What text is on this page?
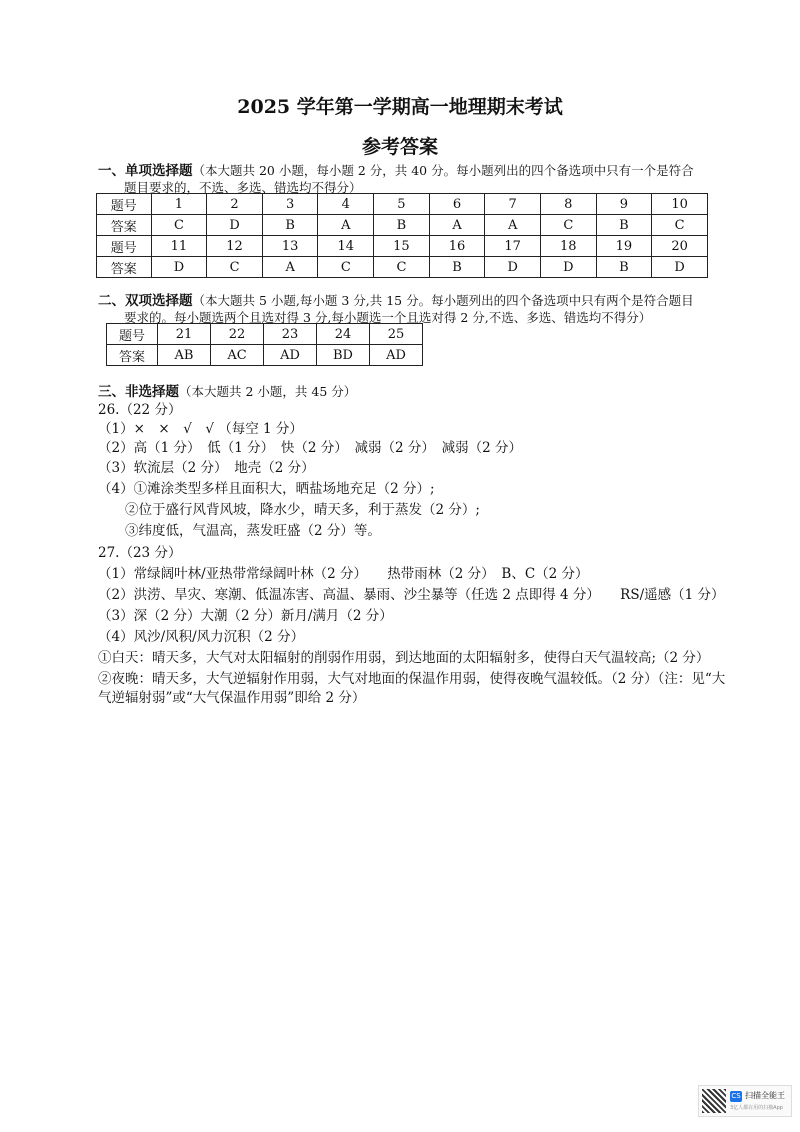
2025 学年第一学期高一地理期末考试
参考答案
一、单项选择题（本大题共 20 小题，每小题 2 分，共 40 分。每小题列出的四个备选项中只有一个是符合
题目要求的，不选、多选、错选均不得分）
题号	1	2	3	4	5	6	7	8	9	10
答案	C	D	B	A	B	A	A	C	B	C
题号	11	12	13	14	15	16	17	18	19	20
答案	D	C	A	C	C	B	D	D	B	D
二、双项选择题（本大题共 5 小题,每小题 3 分,共 15 分。每小题列出的四个备选项中只有两个是符合题目
要求的。每小题选两个且选对得 3 分,每小题选一个且选对得 2 分,不选、多选、错选均不得分）
题号	21	22	23	24	25
答案	AB	AC	AD	BD	AD
三、非选择题（本大题共 2 小题，共 45 分）
26.（22 分）
（1）×　×　√　√ （每空 1 分）
（2）高（1 分）　低（1 分）　快（2 分）　减弱（2 分）　减弱（2 分）
（3）软流层（2 分）　地壳（2 分）
（4）①滩涂类型多样且面积大，晒盐场地充足（2 分）;
　　②位于盛行风背风坡，降水少，晴天多，利于蒸发（2 分）;
　　③纬度低，气温高，蒸发旺盛（2 分）等。
27.（23 分）
（1）常绿阔叶林/亚热带常绿阔叶林（2 分）　　热带雨林（2 分）　B、C（2 分）
（2）洪涝、旱灾、寒潮、低温冻害、高温、暴雨、沙尘暴等（任选 2 点即得 4 分）　　RS/遥感（1 分）
（3）深（2 分）大潮（2 分）新月/满月（2 分）
（4）风沙/风积/风力沉积（2 分）
①白天：晴天多，大气对太阳辐射的削弱作用弱，到达地面的太阳辐射多，使得白天气温较高;（2 分）
②夜晚：晴天多，大气逆辐射作用弱，大气对地面的保温作用弱，使得夜晚气温较低。（2 分）（注：见“大
气逆辐射弱”或“大气保温作用弱”即给 2 分）
CS 扫描全能王
3亿人都在用的扫描App
